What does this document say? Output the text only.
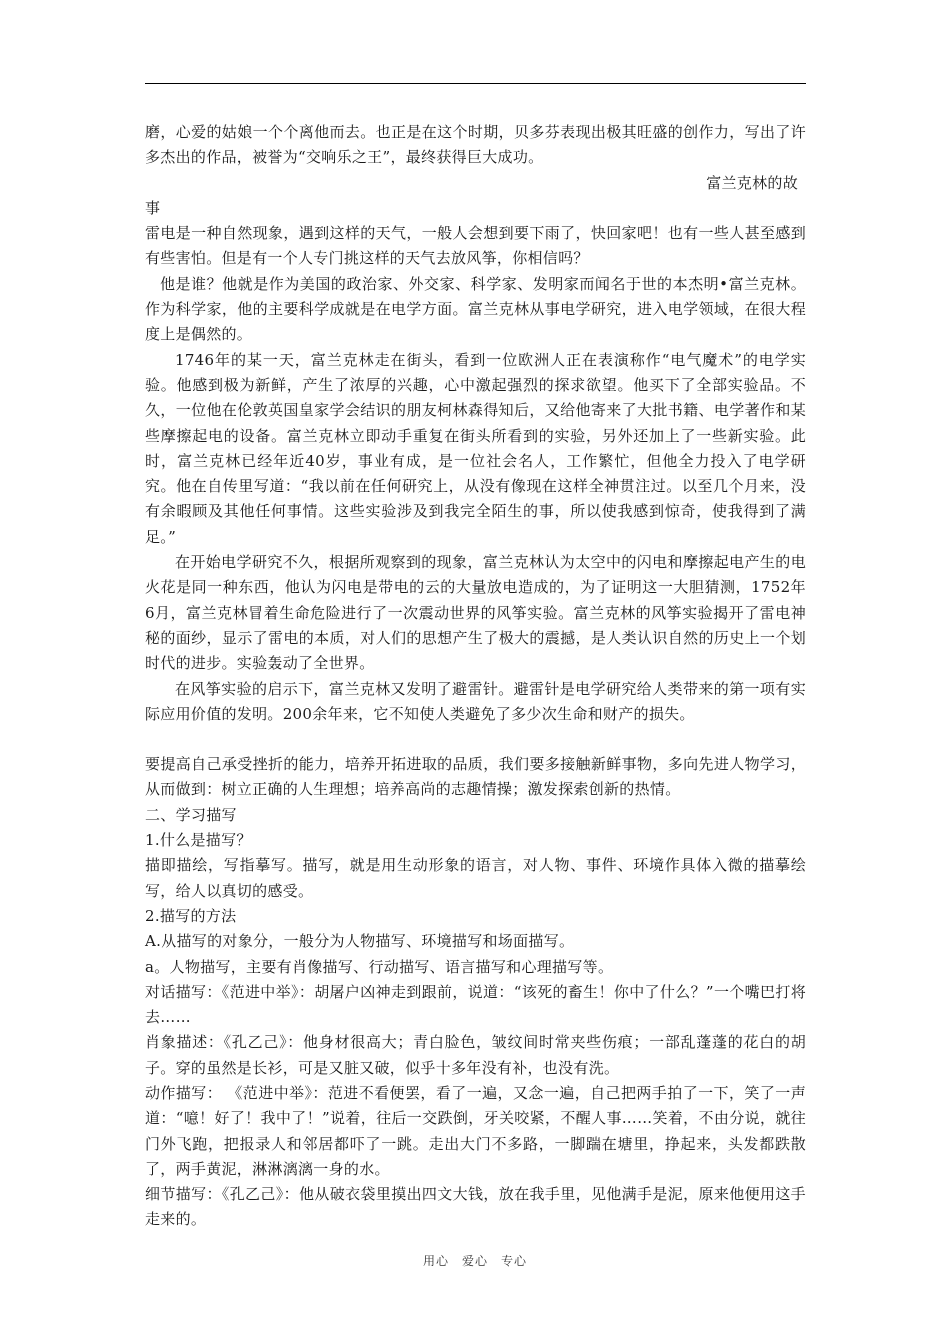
磨，心爱的姑娘一个个离他而去。也正是在这个时期，贝多芬表现出极其旺盛的创作力，写出了许多杰出的作品，被誉为“交响乐之王”，最终获得巨大成功。

富兰克林的故

事

雷电是一种自然现象，遇到这样的天气，一般人会想到要下雨了，快回家吧！也有一些人甚至感到有些害怕。但是有一个人专门挑这样的天气去放风筝，你相信吗？

他是谁？他就是作为美国的政治家、外交家、科学家、发明家而闻名于世的本杰明•富兰克林。作为科学家，他的主要科学成就是在电学方面。富兰克林从事电学研究，进入电学领域，在很大程度上是偶然的。

1746年的某一天，富兰克林走在街头，看到一位欧洲人正在表演称作“电气魔术”的电学实验。他感到极为新鲜，产生了浓厚的兴趣，心中激起强烈的探求欲望。他买下了全部实验品。不久，一位他在伦敦英国皇家学会结识的朋友柯林森得知后，又给他寄来了大批书籍、电学著作和某些摩擦起电的设备。富兰克林立即动手重复在街头所看到的实验，另外还加上了一些新实验。此时，富兰克林已经年近40岁，事业有成，是一位社会名人，工作繁忙，但他全力投入了电学研究。他在自传里写道：“我以前在任何研究上，从没有像现在这样全神贯注过。以至几个月来，没有余暇顾及其他任何事情。这些实验涉及到我完全陌生的事，所以使我感到惊奇，使我得到了满足。”

在开始电学研究不久，根据所观察到的现象，富兰克林认为太空中的闪电和摩擦起电产生的电火花是同一种东西，他认为闪电是带电的云的大量放电造成的，为了证明这一大胆猜测，1752年6月，富兰克林冒着生命危险进行了一次震动世界的风筝实验。富兰克林的风筝实验揭开了雷电神秘的面纱，显示了雷电的本质，对人们的思想产生了极大的震撼，是人类认识自然的历史上一个划时代的进步。实验轰动了全世界。

在风筝实验的启示下，富兰克林又发明了避雷针。避雷针是电学研究给人类带来的第一项有实际应用价值的发明。200余年来，它不知使人类避免了多少次生命和财产的损失。

要提高自己承受挫折的能力，培养开拓进取的品质，我们要多接触新鲜事物，多向先进人物学习，从而做到：树立正确的人生理想；培养高尚的志趣情操；激发探索创新的热情。

二、学习描写

1.什么是描写？

描即描绘，写指摹写。描写，就是用生动形象的语言，对人物、事件、环境作具体入微的描摹绘写，给人以真切的感受。

2.描写的方法

A.从描写的对象分，一般分为人物描写、环境描写和场面描写。

a。人物描写，主要有肖像描写、行动描写、语言描写和心理描写等。

对话描写：《范进中举》：胡屠户凶神走到跟前，说道：“该死的畜生！你中了什么？”一个嘴巴打将去……

肖象描述：《孔乙己》：他身材很高大；青白脸色，皱纹间时常夹些伤痕；一部乱蓬蓬的花白的胡子。穿的虽然是长衫，可是又脏又破，似乎十多年没有补，也没有洗。

动作描写： 《范进中举》：范进不看便罢，看了一遍，又念一遍，自己把两手拍了一下，笑了一声道：“噫！好了！我中了！”说着，往后一交跌倒，牙关咬紧，不醒人事……笑着，不由分说，就往门外飞跑，把报录人和邻居都吓了一跳。走出大门不多路，一脚踹在塘里，挣起来，头发都跌散了，两手黄泥，淋淋漓漓一身的水。

细节描写：《孔乙己》：他从破衣袋里摸出四文大钱，放在我手里，见他满手是泥，原来他便用这手走来的。

用心　爱心　专心
